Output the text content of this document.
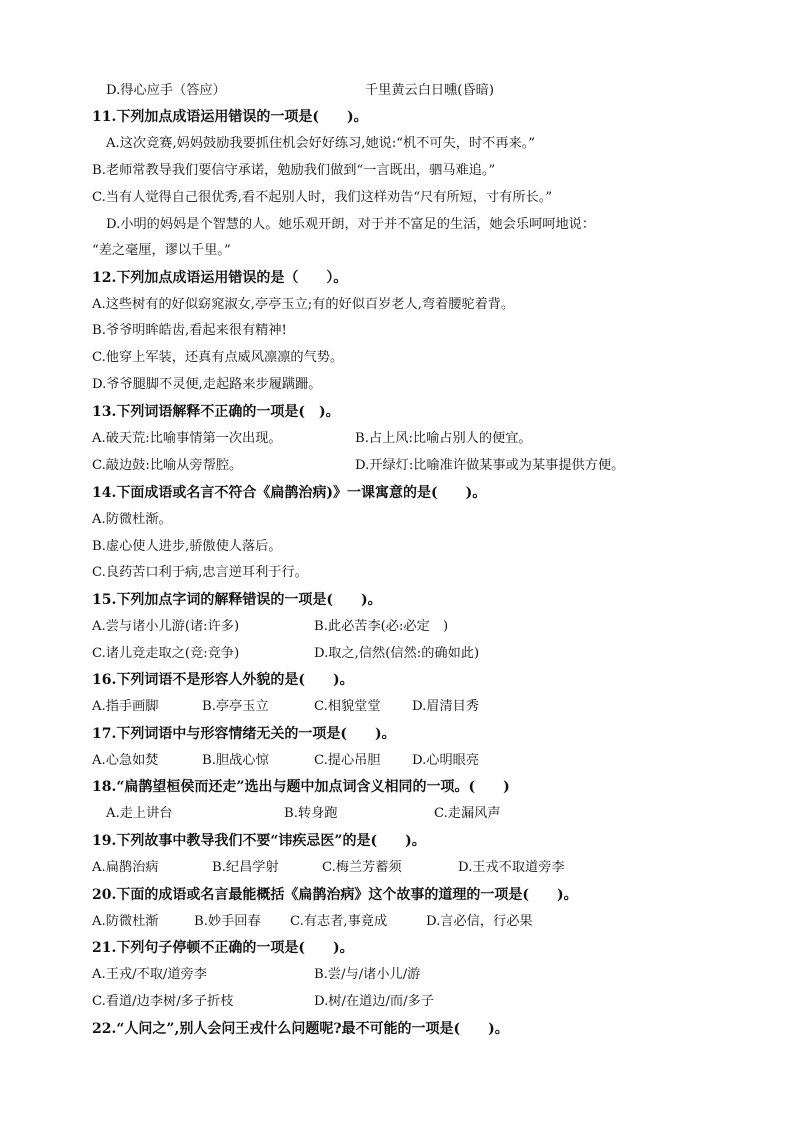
D.得心应手（答应）	千里黄云白日曛(昏暗)
11.下列加点成语运用错误的一项是(　　)。
A.这次竞赛,妈妈鼓励我要抓住机会好好练习,她说:“机不可失，时不再来。”
B.老师常教导我们要信守承诺，勉励我们做到“一言既出，驷马难追。”
C.当有人觉得自己很优秀,看不起别人时，我们这样劝告“尺有所短，寸有所长。”
D.小明的妈妈是个智慧的人。她乐观开朗，对于并不富足的生活，她会乐呵呵地说：
“差之毫厘，谬以千里。”
12.下列加点成语运用错误的是（　　）。
A.这些树有的好似窈窕淑女,亭亭玉立;有的好似百岁老人,弯着腰驼着背。
B.爷爷明眸皓齿,看起来很有精神!
C.他穿上军装，还真有点威风凛凛的气势。
D.爷爷腿脚不灵便,走起路来步履蹒跚。
13.下列词语解释不正确的一项是(　)。
A.破天荒:比喻事情第一次出现。	B.占上风:比喻占别人的便宜。
C.敲边鼓:比喻从旁帮腔。	D.开绿灯:比喻准许做某事或为某事提供方便。
14.下面成语或名言不符合《扁鹊治病)》一课寓意的是(　　)。
A.防微杜渐。
B.虚心使人进步,骄傲使人落后。
C.良药苦口利于病,忠言逆耳利于行。
15.下列加点字词的解释错误的一项是(　　)。
A.尝与诸小儿游(诸:许多)	B.此必苦李(必:必定　)
C.诸儿竞走取之(竞:竞争)	D.取之,信然(信然:的确如此)
16.下列词语不是形容人外貌的是(　　)。
A.指手画脚	B.亭亭玉立	C.相貌堂堂 D.眉清目秀
17.下列词语中与形容情绪无关的一项是(　　)。
A.心急如焚	B.胆战心惊	C.提心吊胆 D.心明眼亮
18.“扁鹊望桓侯而还走”选出与题中加点词含义相同的一项。(　　)
A.走上讲台	B.转身跑	C.走漏风声
19.下列故事中教导我们不要“讳疾忌医”的是(　　)。
A.扁鹊治病	B.纪昌学射	C.梅兰芳蓄须	D.王戎不取道旁李
20.下面的成语或名言最能概括《扁鹊治病》这个故事的道理的一项是(　　)。
A.防微杜渐	B.妙手回春 C.有志者,事竟成	D.言必信，行必果
21.下列句子停顿不正确的一项是(　　)。
A.王戎/不取/道旁李	B.尝/与/诸小儿/游
C.看道/边李树/多子折枝	D.树/在道边/而/多子
22.“人问之”,别人会问王戎什么问题呢?最不可能的一项是(　　)。
